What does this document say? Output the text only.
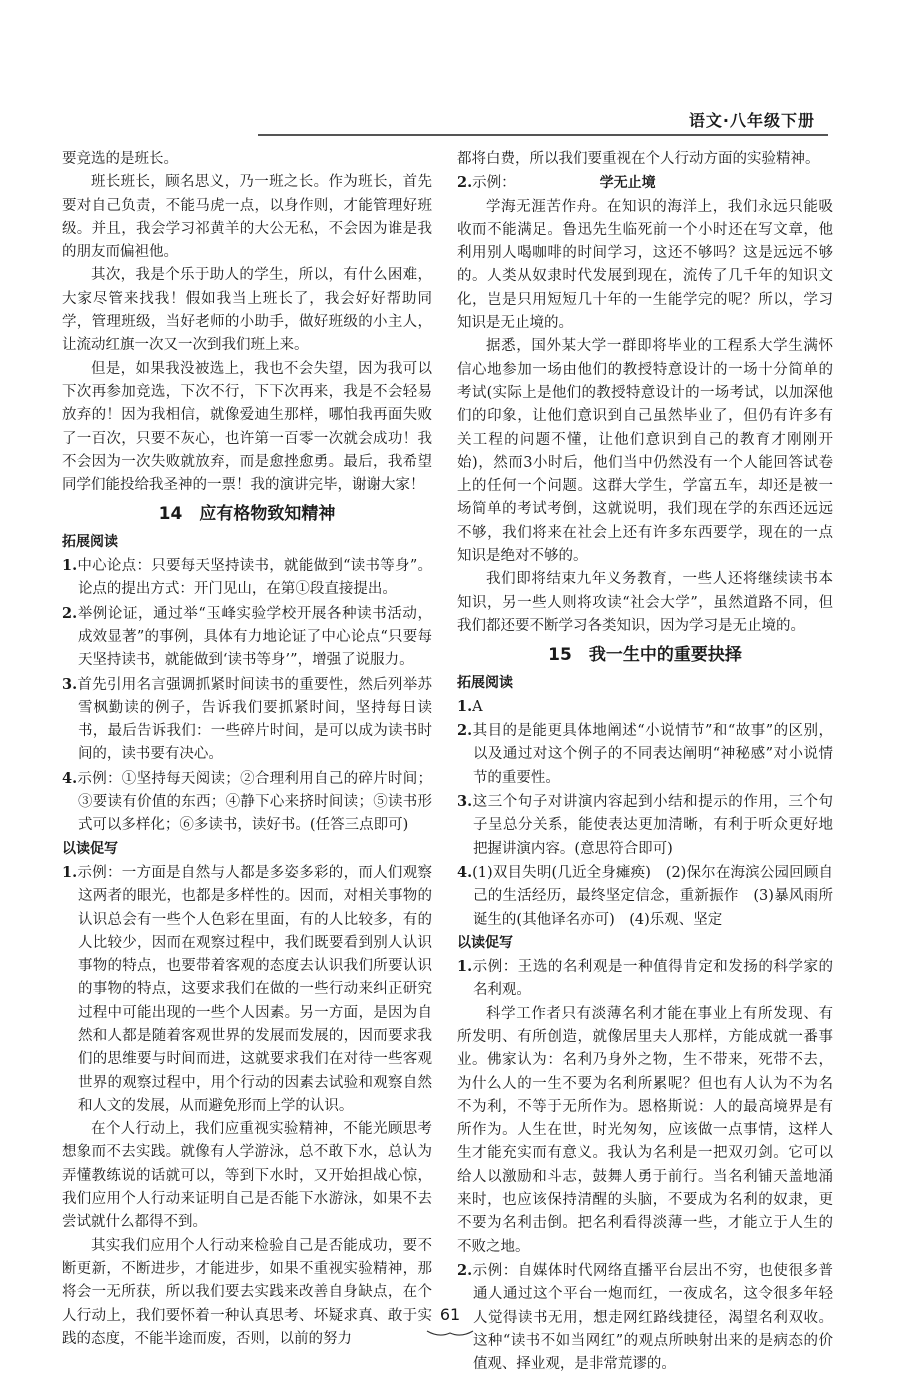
语文·八年级下册

要竞选的是班长。

班长班长，顾名思义，乃一班之长。作为班长，首先要对自己负责，不能马虎一点，以身作则，才能管理好班级。并且，我会学习祁黄羊的大公无私，不会因为谁是我的朋友而偏袒他。

其次，我是个乐于助人的学生，所以，有什么困难，大家尽管来找我！假如我当上班长了，我会好好帮助同学，管理班级，当好老师的小助手，做好班级的小主人，让流动红旗一次又一次到我们班上来。

但是，如果我没被选上，我也不会失望，因为我可以下次再参加竞选，下次不行，下下次再来，我是不会轻易放弃的！因为我相信，就像爱迪生那样，哪怕我再面失败了一百次，只要不灰心，也许第一百零一次就会成功！我不会因为一次失败就放弃，而是愈挫愈勇。最后，我希望同学们能投给我圣神的一票！我的演讲完毕，谢谢大家！

14　应有格物致知精神
拓展阅读

1.中心论点：只要每天坚持读书，就能做到“读书等身”。论点的提出方式：开门见山，在第①段直接提出。

2.举例论证，通过举“玉峰实验学校开展各种读书活动，成效显著”的事例，具体有力地论证了中心论点“只要每天坚持读书，就能做到‘读书等身’”，增强了说服力。

3.首先引用名言强调抓紧时间读书的重要性，然后列举苏雪枫勤读的例子，告诉我们要抓紧时间，坚持每日读书，最后告诉我们：一些碎片时间，是可以成为读书时间的，读书要有决心。

4.示例：①坚持每天阅读；②合理利用自己的碎片时间；③要读有价值的东西；④静下心来挤时间读；⑤读书形式可以多样化；⑥多读书，读好书。(任答三点即可)

以读促写

1.示例：一方面是自然与人都是多姿多彩的，而人们观察这两者的眼光，也都是多样性的。因而，对相关事物的认识总会有一些个人色彩在里面，有的人比较多，有的人比较少，因而在观察过程中，我们既要看到别人认识事物的特点，也要带着客观的态度去认识我们所要认识的事物的特点，这要求我们在做的一些行动来纠正研究过程中可能出现的一些个人因素。另一方面，是因为自然和人都是随着客观世界的发展而发展的，因而要求我们的思维要与时间而进，这就要求我们在对待一些客观世界的观察过程中，用个行动的因素去试验和观察自然和人文的发展，从而避免形而上学的认识。

在个人行动上，我们应重视实验精神，不能光顾思考想象而不去实践。就像有人学游泳，总不敢下水，总认为弄懂教练说的话就可以，等到下水时，又开始担战心惊，我们应用个人行动来证明自己是否能下水游泳，如果不去尝试就什么都得不到。

其实我们应用个人行动来检验自己是否能成功，要不断更新，不断进步，才能进步，如果不重视实验精神，那将会一无所获，所以我们要去实践来改善自身缺点，在个人行动上，我们要怀着一种认真思考、坏疑求真、敢于实践的态度，不能半途而废，否则，以前的努力

都将白费，所以我们要重视在个人行动方面的实验精神。

2.示例：	学无止境

学海无涯苦作舟。在知识的海洋上，我们永远只能吸收而不能满足。鲁迅先生临死前一个小时还在写文章，他利用别人喝咖啡的时间学习，这还不够吗？这是远远不够的。人类从奴隶时代发展到现在，流传了几千年的知识文化，岂是只用短短几十年的一生能学完的呢？所以，学习知识是无止境的。

据悉，国外某大学一群即将毕业的工程系大学生满怀信心地参加一场由他们的教授特意设计的一场十分简单的考试(实际上是他们的教授特意设计的一场考试，以加深他们的印象，让他们意识到自己虽然毕业了，但仍有许多有关工程的问题不懂，让他们意识到自己的教育才刚刚开始)，然而3小时后，他们当中仍然没有一个人能回答试卷上的任何一个问题。这群大学生，学富五车，却还是被一场简单的考试考倒，这就说明，我们现在学的东西还远远不够，我们将来在社会上还有许多东西要学，现在的一点知识是绝对不够的。

我们即将结束九年义务教育，一些人还将继续读书本知识，另一些人则将攻读“社会大学”，虽然道路不同，但我们都还要不断学习各类知识，因为学习是无止境的。

15　我一生中的重要抉择
拓展阅读

1.A

2.其目的是能更具体地阐述“小说情节”和“故事”的区别，以及通过对这个例子的不同表达阐明“神秘感”对小说情节的重要性。

3.这三个句子对讲演内容起到小结和提示的作用，三个句子呈总分关系，能使表达更加清晰，有利于听众更好地把握讲演内容。(意思符合即可)

4.(1)双目失明(几近全身瘫痪)　(2)保尔在海滨公园回顾自己的生活经历，最终坚定信念，重新振作　(3)暴风雨所诞生的(其他译名亦可)　(4)乐观、坚定

以读促写

1.示例：王选的名利观是一种值得肯定和发扬的科学家的名利观。

科学工作者只有淡薄名利才能在事业上有所发现、有所发明、有所创造，就像居里夫人那样，方能成就一番事业。佛家认为：名利乃身外之物，生不带来，死带不去，为什么人的一生不要为名利所累呢？但也有人认为不为名不为利，不等于无所作为。恩格斯说：人的最高境界是有所作为。人生在世，时光匆匆，应该做一点事情，这样人生才能充实而有意义。我认为名利是一把双刃剑。它可以给人以激励和斗志，鼓舞人勇于前行。当名利铺天盖地涌来时，也应该保持清醒的头脑，不要成为名利的奴隶，更不要为名利击倒。把名利看得淡薄一些，才能立于人生的不败之地。

2.示例：自媒体时代网络直播平台层出不穷，也使很多普通人通过这个平台一炮而红，一夜成名，这令很多年轻人觉得读书无用，想走网红路线捷径，渴望名利双收。这种“读书不如当网红”的观点所映射出来的是病态的价值观、择业观，是非常荒谬的。

61
